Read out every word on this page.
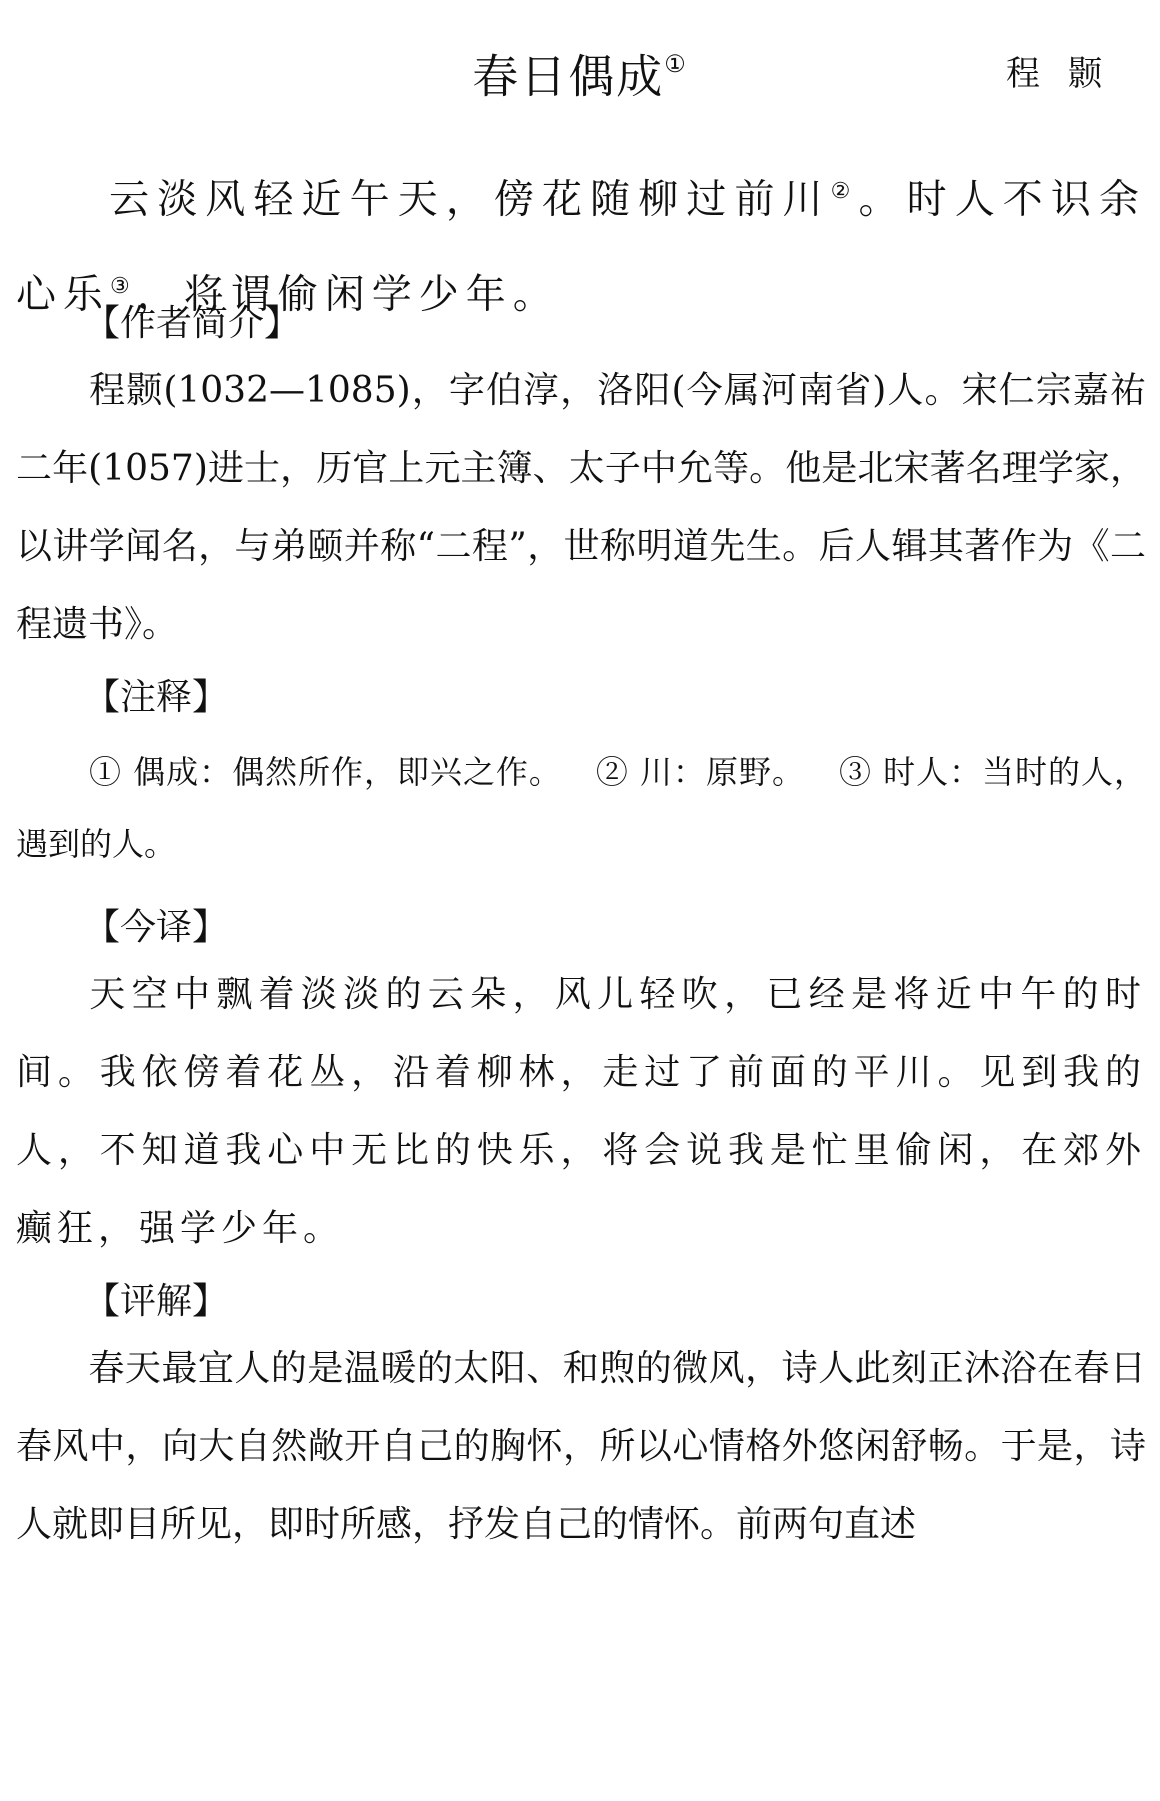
春日偶成①	程颢
云淡风轻近午天，傍花随柳过前川②。时人不识余心乐③，将谓偷闲学少年。
【作者简介】
程颢(1032—1085)，字伯淳，洛阳(今属河南省)人。宋仁宗嘉祐二年(1057)进士，历官上元主簿、太子中允等。他是北宋著名理学家，以讲学闻名，与弟颐并称“二程”，世称明道先生。后人辑其著作为《二程遗书》。
【注释】
① 偶成：偶然所作，即兴之作。 ② 川：原野。 ③ 时人：当时的人，遇到的人。
【今译】
天空中飘着淡淡的云朵，风儿轻吹，已经是将近中午的时间。我依傍着花丛，沿着柳林，走过了前面的平川。见到我的人，不知道我心中无比的快乐，将会说我是忙里偷闲，在郊外癫狂，强学少年。
【评解】
春天最宜人的是温暖的太阳、和煦的微风，诗人此刻正沐浴在春日春风中，向大自然敞开自己的胸怀，所以心情格外悠闲舒畅。于是，诗人就即目所见，即时所感，抒发自己的情怀。前两句直述
